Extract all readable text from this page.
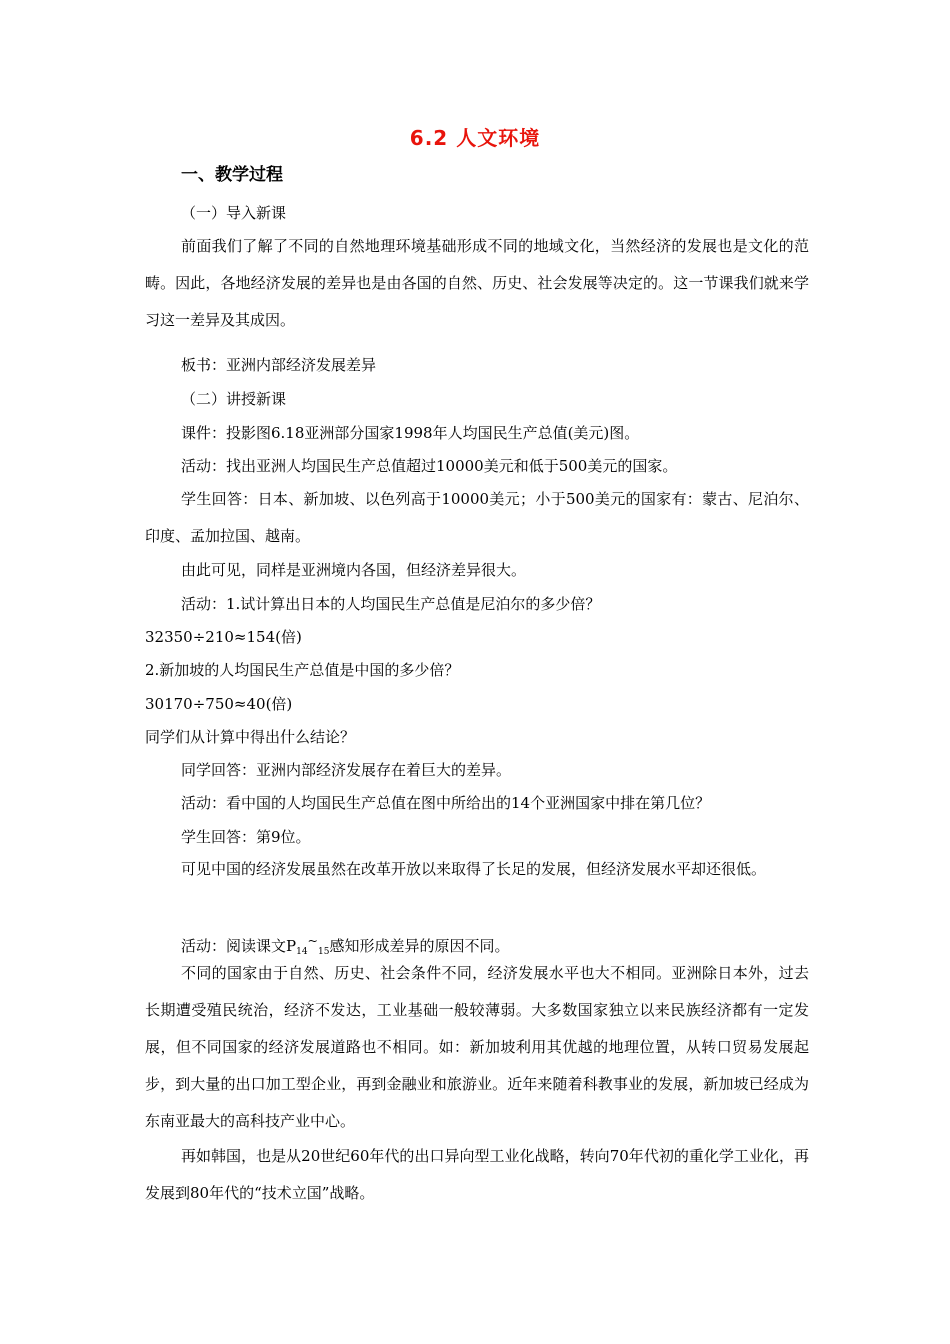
6.2 人文环境
一、教学过程
（一）导入新课
前面我们了解了不同的自然地理环境基础形成不同的地域文化，当然经济的发展也是文化的范畴。因此，各地经济发展的差异也是由各国的自然、历史、社会发展等决定的。这一节课我们就来学习这一差异及其成因。
板书：亚洲内部经济发展差异
（二）讲授新课
课件：投影图6.18亚洲部分国家1998年人均国民生产总值(美元)图。
活动：找出亚洲人均国民生产总值超过10000美元和低于500美元的国家。
学生回答：日本、新加坡、以色列高于10000美元；小于500美元的国家有：蒙古、尼泊尔、印度、孟加拉国、越南。
由此可见，同样是亚洲境内各国，但经济差异很大。
活动：1.试计算出日本的人均国民生产总值是尼泊尔的多少倍？
32350÷210≈154(倍)
2.新加坡的人均国民生产总值是中国的多少倍？
30170÷750≈40(倍)
同学们从计算中得出什么结论？
同学回答：亚洲内部经济发展存在着巨大的差异。
活动：看中国的人均国民生产总值在图中所给出的14个亚洲国家中排在第几位？
学生回答：第9位。
可见中国的经济发展虽然在改革开放以来取得了长足的发展，但经济发展水平却还很低。
活动：阅读课文$P_{14}^\sim_{15}$感知形成差异的原因不同。
不同的国家由于自然、历史、社会条件不同，经济发展水平也大不相同。亚洲除日本外，过去长期遭受殖民统治，经济不发达，工业基础一般较薄弱。大多数国家独立以来民族经济都有一定发展，但不同国家的经济发展道路也不相同。如：新加坡利用其优越的地理位置，从转口贸易发展起步，到大量的出口加工型企业，再到金融业和旅游业。近年来随着科教事业的发展，新加坡已经成为东南亚最大的高科技产业中心。
再如韩国，也是从20世纪60年代的出口异向型工业化战略，转向70年代初的重化学工业化，再发展到80年代的“技术立国”战略。
